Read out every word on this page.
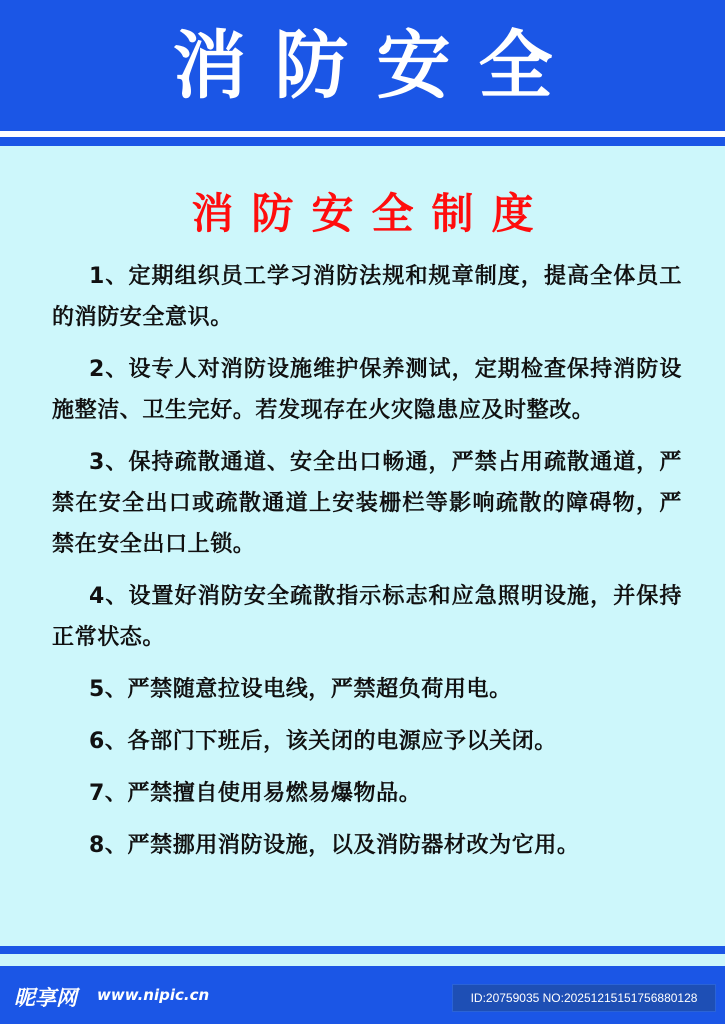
消防安全
消防安全制度

1、定期组织员工学习消防法规和规章制度，提高全体员工的消防安全意识。

2、设专人对消防设施维护保养测试，定期检查保持消防设施整洁、卫生完好。若发现存在火灾隐患应及时整改。

3、保持疏散通道、安全出口畅通，严禁占用疏散通道，严禁在安全出口或疏散通道上安装栅栏等影响疏散的障碍物，严禁在安全出口上锁。

4、设置好消防安全疏散指示标志和应急照明设施，并保持正常状态。

5、严禁随意拉设电线，严禁超负荷用电。

6、各部门下班后，该关闭的电源应予以关闭。

7、严禁擅自使用易燃易爆物品。

8、严禁挪用消防设施，以及消防器材改为它用。

昵享网 www.nipic.cn	ID:20759035 NO:20251215151756880128
